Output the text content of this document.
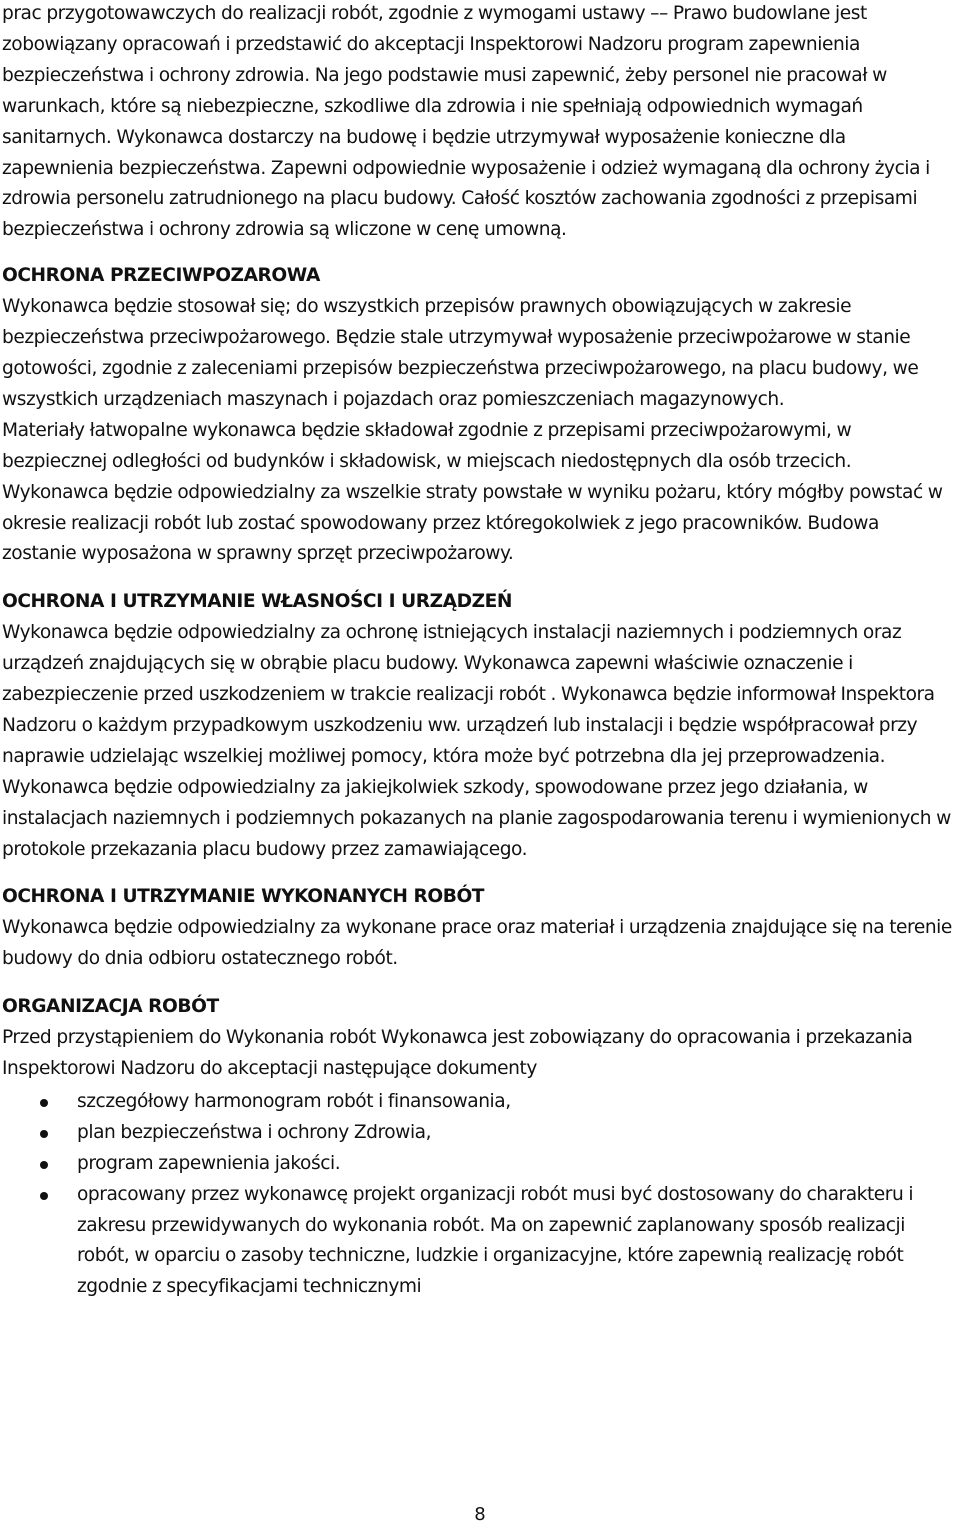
prac przygotowawczych do realizacji robót, zgodnie z wymogami ustawy –– Prawo budowlane jest zobowiązany opracowań i przedstawić do akceptacji Inspektorowi Nadzoru program zapewnienia bezpieczeństwa i ochrony zdrowia. Na jego podstawie musi zapewnić, żeby personel nie pracował w warunkach, które są niebezpieczne, szkodliwe dla zdrowia i nie spełniają odpowiednich wymagań sanitarnych. Wykonawca dostarczy na budowę i będzie utrzymywał wyposażenie konieczne dla zapewnienia bezpieczeństwa. Zapewni odpowiednie wyposażenie i odzież wymaganą dla ochrony życia i zdrowia personelu zatrudnionego na placu budowy. Całość kosztów zachowania zgodności z przepisami bezpieczeństwa i ochrony zdrowia są wliczone w cenę umowną.

OCHRONA PRZECIWPOZAROWA

Wykonawca będzie stosował się; do wszystkich przepisów prawnych obowiązujących w zakresie bezpieczeństwa przeciwpożarowego. Będzie stale utrzymywał wyposażenie przeciwpożarowe w stanie gotowości, zgodnie z zaleceniami przepisów bezpieczeństwa przeciwpożarowego, na placu budowy, we wszystkich urządzeniach maszynach i pojazdach oraz pomieszczeniach magazynowych.

Materiały łatwopalne wykonawca będzie składował zgodnie z przepisami przeciwpożarowymi, w bezpiecznej odległości od budynków i składowisk, w miejscach niedostępnych dla osób trzecich. Wykonawca będzie odpowiedzialny za wszelkie straty powstałe w wyniku pożaru, który mógłby powstać w okresie realizacji robót lub zostać spowodowany przez któregokolwiek z jego pracowników. Budowa zostanie wyposażona w sprawny sprzęt przeciwpożarowy.

OCHRONA I UTRZYMANIE WŁASNOŚCI I URZĄDZEŃ

Wykonawca będzie odpowiedzialny za ochronę istniejących instalacji naziemnych i podziemnych oraz urządzeń znajdujących się w obrąbie placu budowy. Wykonawca zapewni właściwie oznaczenie i zabezpieczenie przed uszkodzeniem w trakcie realizacji robót . Wykonawca będzie informował Inspektora Nadzoru o każdym przypadkowym uszkodzeniu ww. urządzeń lub instalacji i będzie współpracował przy naprawie udzielając wszelkiej możliwej pomocy, która może być potrzebna dla jej przeprowadzenia. Wykonawca będzie odpowiedzialny za jakiejkolwiek szkody, spowodowane przez jego działania, w instalacjach naziemnych i podziemnych pokazanych na planie zagospodarowania terenu i wymienionych w protokole przekazania placu budowy przez zamawiającego.

OCHRONA I UTRZYMANIE WYKONANYCH ROBÓT

Wykonawca będzie odpowiedzialny za wykonane prace oraz materiał i urządzenia znajdujące się na terenie budowy do dnia odbioru ostatecznego robót.

ORGANIZACJA ROBÓT

Przed przystąpieniem do Wykonania robót Wykonawca jest zobowiązany do opracowania i przekazania Inspektorowi Nadzoru do akceptacji następujące dokumenty

szczegółowy harmonogram robót i finansowania,
plan bezpieczeństwa i ochrony Zdrowia,
program zapewnienia jakości.
opracowany przez wykonawcę projekt organizacji robót musi być dostosowany do charakteru i zakresu przewidywanych do wykonania robót. Ma on zapewnić zaplanowany sposób realizacji robót, w oparciu o zasoby techniczne, ludzkie i organizacyjne, które zapewnią realizację robót zgodnie z specyfikacjami technicznymi
8
